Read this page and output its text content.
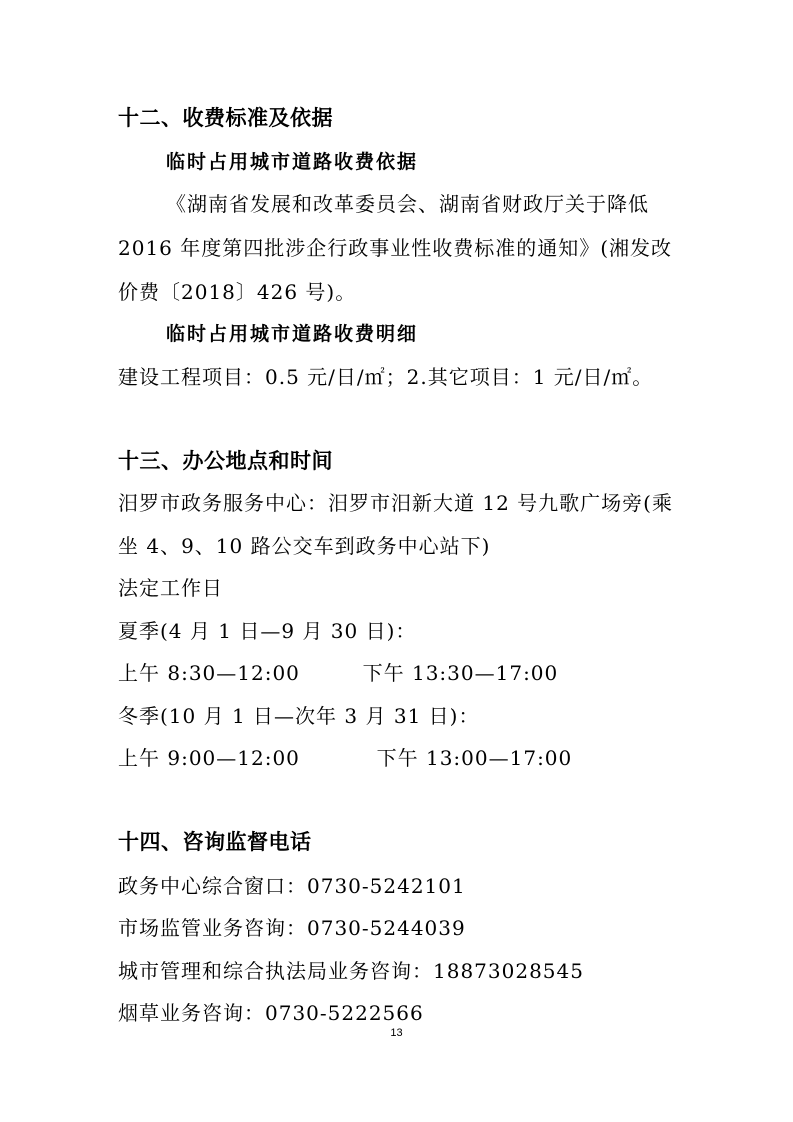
十二、收费标准及依据
临时占用城市道路收费依据
《湖南省发展和改革委员会、湖南省财政厅关于降低
2016 年度第四批涉企行政事业性收费标准的通知》(湘发改
价费〔2018〕426 号)。
临时占用城市道路收费明细
建设工程项目：0.5 元/日/㎡；2.其它项目：1 元/日/㎡。
十三、办公地点和时间
汨罗市政务服务中心：汨罗市汨新大道 12 号九歌广场旁(乘
坐 4、9、10 路公交车到政务中心站下)
法定工作日
夏季(4 月 1 日—9 月 30 日)：
上午 8:30—12:00	下午 13:30—17:00
冬季(10 月 1 日—次年 3 月 31 日)：
上午 9:00—12:00	下午 13:00—17:00
十四、咨询监督电话
政务中心综合窗口：0730-5242101
市场监管业务咨询：0730-5244039
城市管理和综合执法局业务咨询：18873028545
烟草业务咨询：0730-5222566
13
